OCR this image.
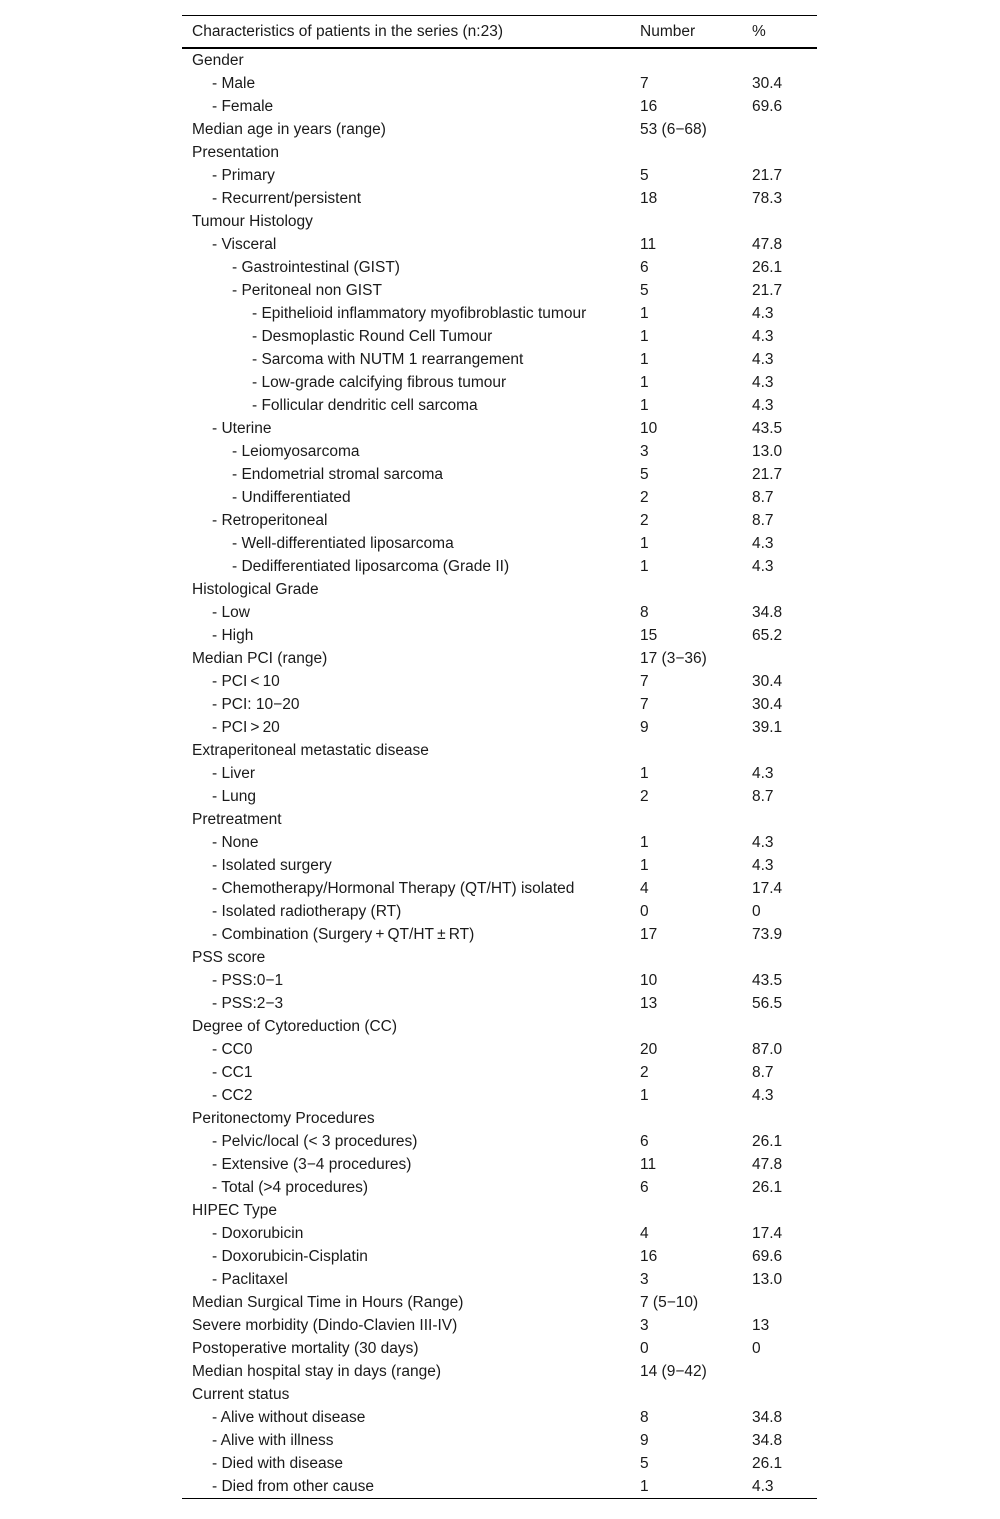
Characteristics of patients in the series (n:23)	Number	%
Gender		
- Male	7	30.4
- Female	16	69.6
Median age in years (range)	53 (6−68)	
Presentation		
- Primary	5	21.7
- Recurrent/persistent	18	78.3
Tumour Histology		
- Visceral	11	47.8
- Gastrointestinal (GIST)	6	26.1
- Peritoneal non GIST	5	21.7
- Epithelioid inflammatory myofibroblastic tumour	1	4.3
- Desmoplastic Round Cell Tumour	1	4.3
- Sarcoma with NUTM 1 rearrangement	1	4.3
- Low-grade calcifying fibrous tumour	1	4.3
- Follicular dendritic cell sarcoma	1	4.3
- Uterine	10	43.5
- Leiomyosarcoma	3	13.0
- Endometrial stromal sarcoma	5	21.7
- Undifferentiated	2	8.7
- Retroperitoneal	2	8.7
- Well-differentiated liposarcoma	1	4.3
- Dedifferentiated liposarcoma (Grade II)	1	4.3
Histological Grade		
- Low	8	34.8
- High	15	65.2
Median PCI (range)	17 (3−36)	
- PCI < 10	7	30.4
- PCI: 10−20	7	30.4
- PCI > 20	9	39.1
Extraperitoneal metastatic disease		
- Liver	1	4.3
- Lung	2	8.7
Pretreatment		
- None	1	4.3
- Isolated surgery	1	4.3
- Chemotherapy/Hormonal Therapy (QT/HT) isolated	4	17.4
- Isolated radiotherapy (RT)	0	0
- Combination (Surgery + QT/HT ± RT)	17	73.9
PSS score		
- PSS:0−1	10	43.5
- PSS:2−3	13	56.5
Degree of Cytoreduction (CC)		
- CC0	20	87.0
- CC1	2	8.7
- CC2	1	4.3
Peritonectomy Procedures		
- Pelvic/local (< 3 procedures)	6	26.1
- Extensive (3−4 procedures)	11	47.8
- Total (>4 procedures)	6	26.1
HIPEC Type		
- Doxorubicin	4	17.4
- Doxorubicin-Cisplatin	16	69.6
- Paclitaxel	3	13.0
Median Surgical Time in Hours (Range)	7 (5−10)	
Severe morbidity (Dindo-Clavien III-IV)	3	13
Postoperative mortality (30 days)	0	0
Median hospital stay in days (range)	14 (9−42)	
Current status		
- Alive without disease	8	34.8
- Alive with illness	9	34.8
- Died with disease	5	26.1
- Died from other cause	1	4.3
